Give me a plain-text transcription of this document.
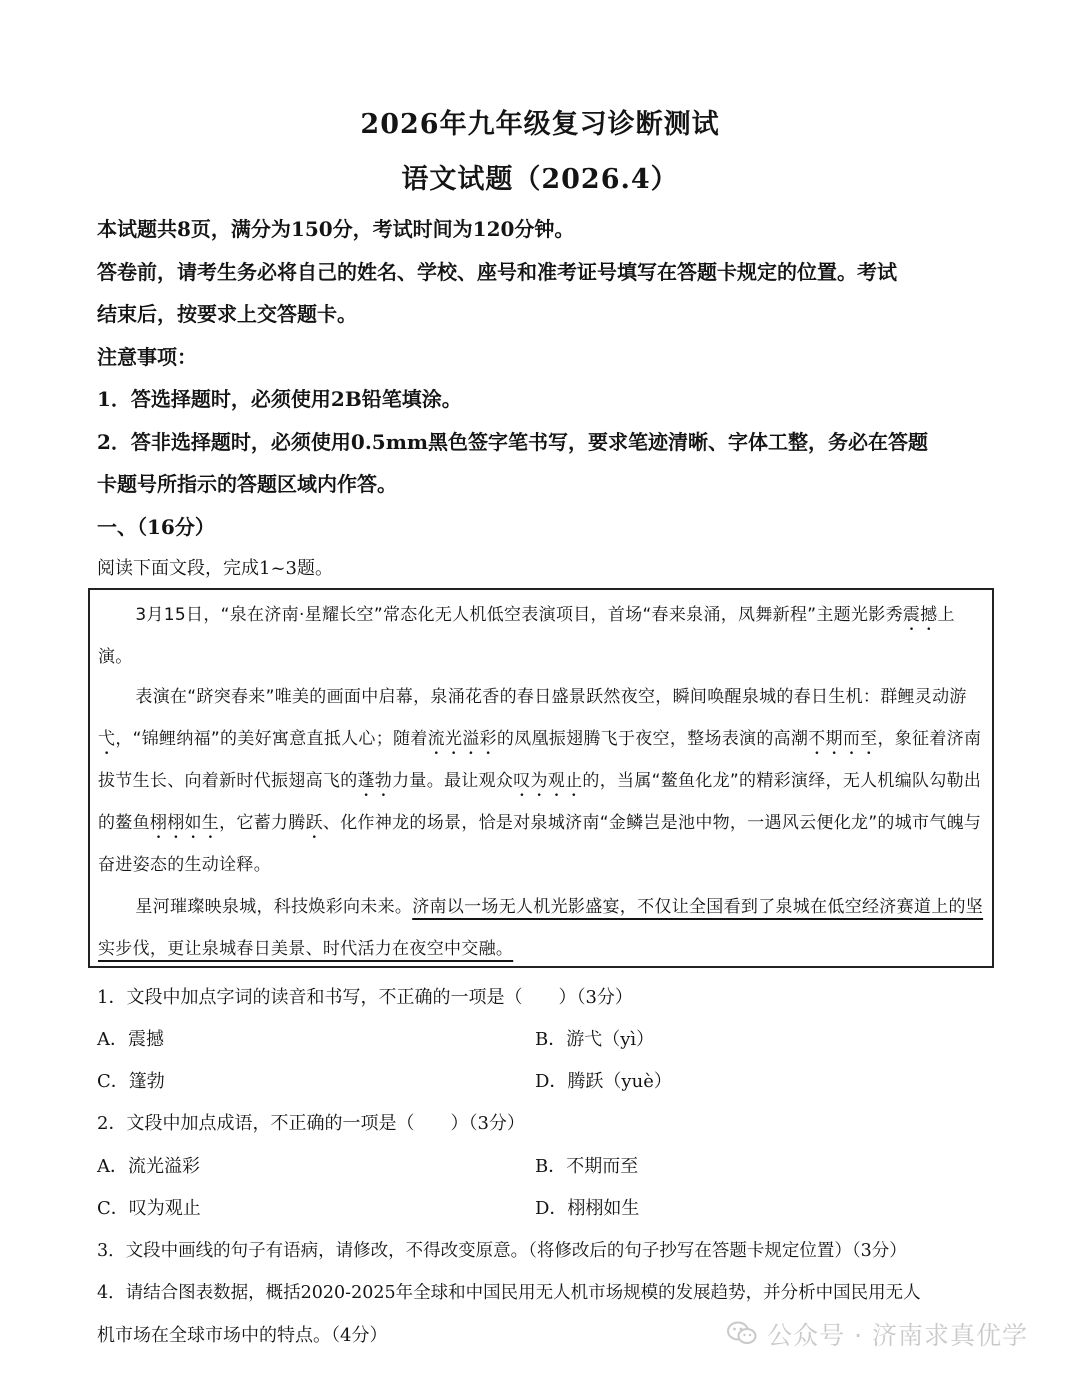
2026年九年级复习诊断测试
语文试题（2026.4）
本试题共8页，满分为150分，考试时间为120分钟。
答卷前，请考生务必将自己的姓名、学校、座号和准考证号填写在答题卡规定的位置。考试
结束后，按要求上交答题卡。
注意事项：
1．答选择题时，必须使用2B铅笔填涂。
2．答非选择题时，必须使用0.5mm黑色签字笔书写，要求笔迹清晰、字体工整，务必在答题
卡题号所指示的答题区域内作答。
一、（16分）
阅读下面文段，完成1~3题。

3月15日，“泉在济南·星耀长空”常态化无人机低空表演项目，首场“春来泉涌，凤舞新程”主题光影秀震撼上演。

表演在“跻突春来”唯美的画面中启幕，泉涌花香的春日盛景跃然夜空，瞬间唤醒泉城的春日生机：群鲤灵动游弋，“锦鲤纳福”的美好寓意直抵人心；随着流光溢彩的凤凰振翅腾飞于夜空，整场表演的高潮不期而至，象征着济南拔节生长、向着新时代振翅高飞的蓬勃力量。最让观众叹为观止的，当属“鳌鱼化龙”的精彩演绎，无人机编队勾勒出的鳌鱼栩栩如生，它蓄力腾跃、化作神龙的场景，恰是对泉城济南“金鳞岂是池中物，一遇风云便化龙”的城市气魄与奋进姿态的生动诠释。

星河璀璨映泉城，科技焕彩向未来。济南以一场无人机光影盛宴，不仅让全国看到了泉城在低空经济赛道上的坚实步伐，更让泉城春日美景、时代活力在夜空中交融。

1．文段中加点字词的读音和书写，不正确的一项是（　　）（3分）
A．震撼	B．游弋（yì）
C．篷勃	D．腾跃（yuè）
2．文段中加点成语，不正确的一项是（　　）（3分）
A．流光溢彩	B．不期而至
C．叹为观止	D．栩栩如生
3．文段中画线的句子有语病，请修改，不得改变原意。（将修改后的句子抄写在答题卡规定位置）（3分）
4．请结合图表数据，概括2020-2025年全球和中国民用无人机市场规模的发展趋势，并分析中国民用无人
机市场在全球市场中的特点。（4分）	公众号 · 济南求真优学
